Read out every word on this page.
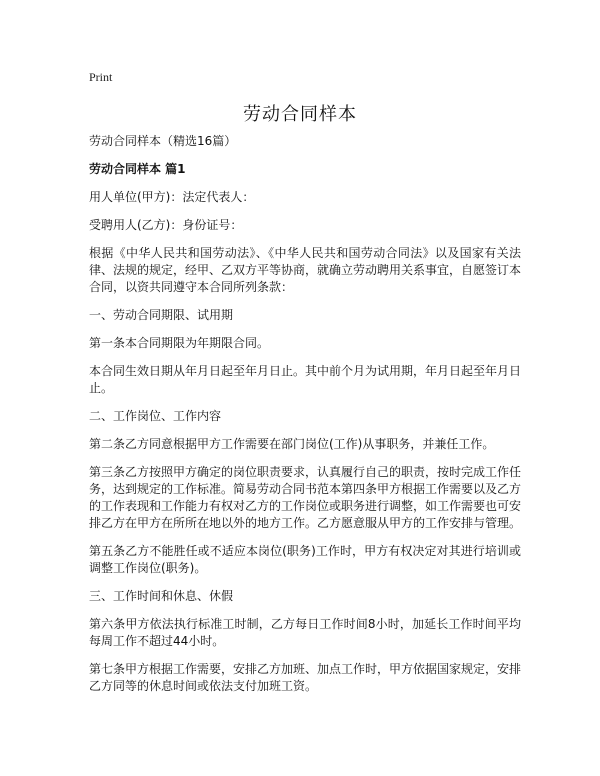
Print
劳动合同样本

劳动合同样本（精选16篇）

劳动合同样本 篇1

用人单位(甲方)：法定代表人：

受聘用人(乙方)：身份证号：

根据《中华人民共和国劳动法》、《中华人民共和国劳动合同法》以及国家有关法律、法规的规定，经甲、乙双方平等协商，就确立劳动聘用关系事宜，自愿签订本合同，以资共同遵守本合同所列条款：

一、劳动合同期限、试用期

第一条本合同期限为年期限合同。

本合同生效日期从年月日起至年月日止。其中前个月为试用期，年月日起至年月日止。

二、工作岗位、工作内容

第二条乙方同意根据甲方工作需要在部门岗位(工作)从事职务，并兼任工作。

第三条乙方按照甲方确定的岗位职责要求，认真履行自己的职责，按时完成工作任务，达到规定的工作标准。简易劳动合同书范本第四条甲方根据工作需要以及乙方的工作表现和工作能力有权对乙方的工作岗位或职务进行调整，如工作需要也可安排乙方在甲方在所所在地以外的地方工作。乙方愿意服从甲方的工作安排与管理。

第五条乙方不能胜任或不适应本岗位(职务)工作时，甲方有权决定对其进行培训或调整工作岗位(职务)。

三、工作时间和休息、休假

第六条甲方依法执行标准工时制，乙方每日工作时间8小时，加延长工作时间平均每周工作不超过44小时。

第七条甲方根据工作需要，安排乙方加班、加点工作时，甲方依据国家规定，安排乙方同等的休息时间或依法支付加班工资。
